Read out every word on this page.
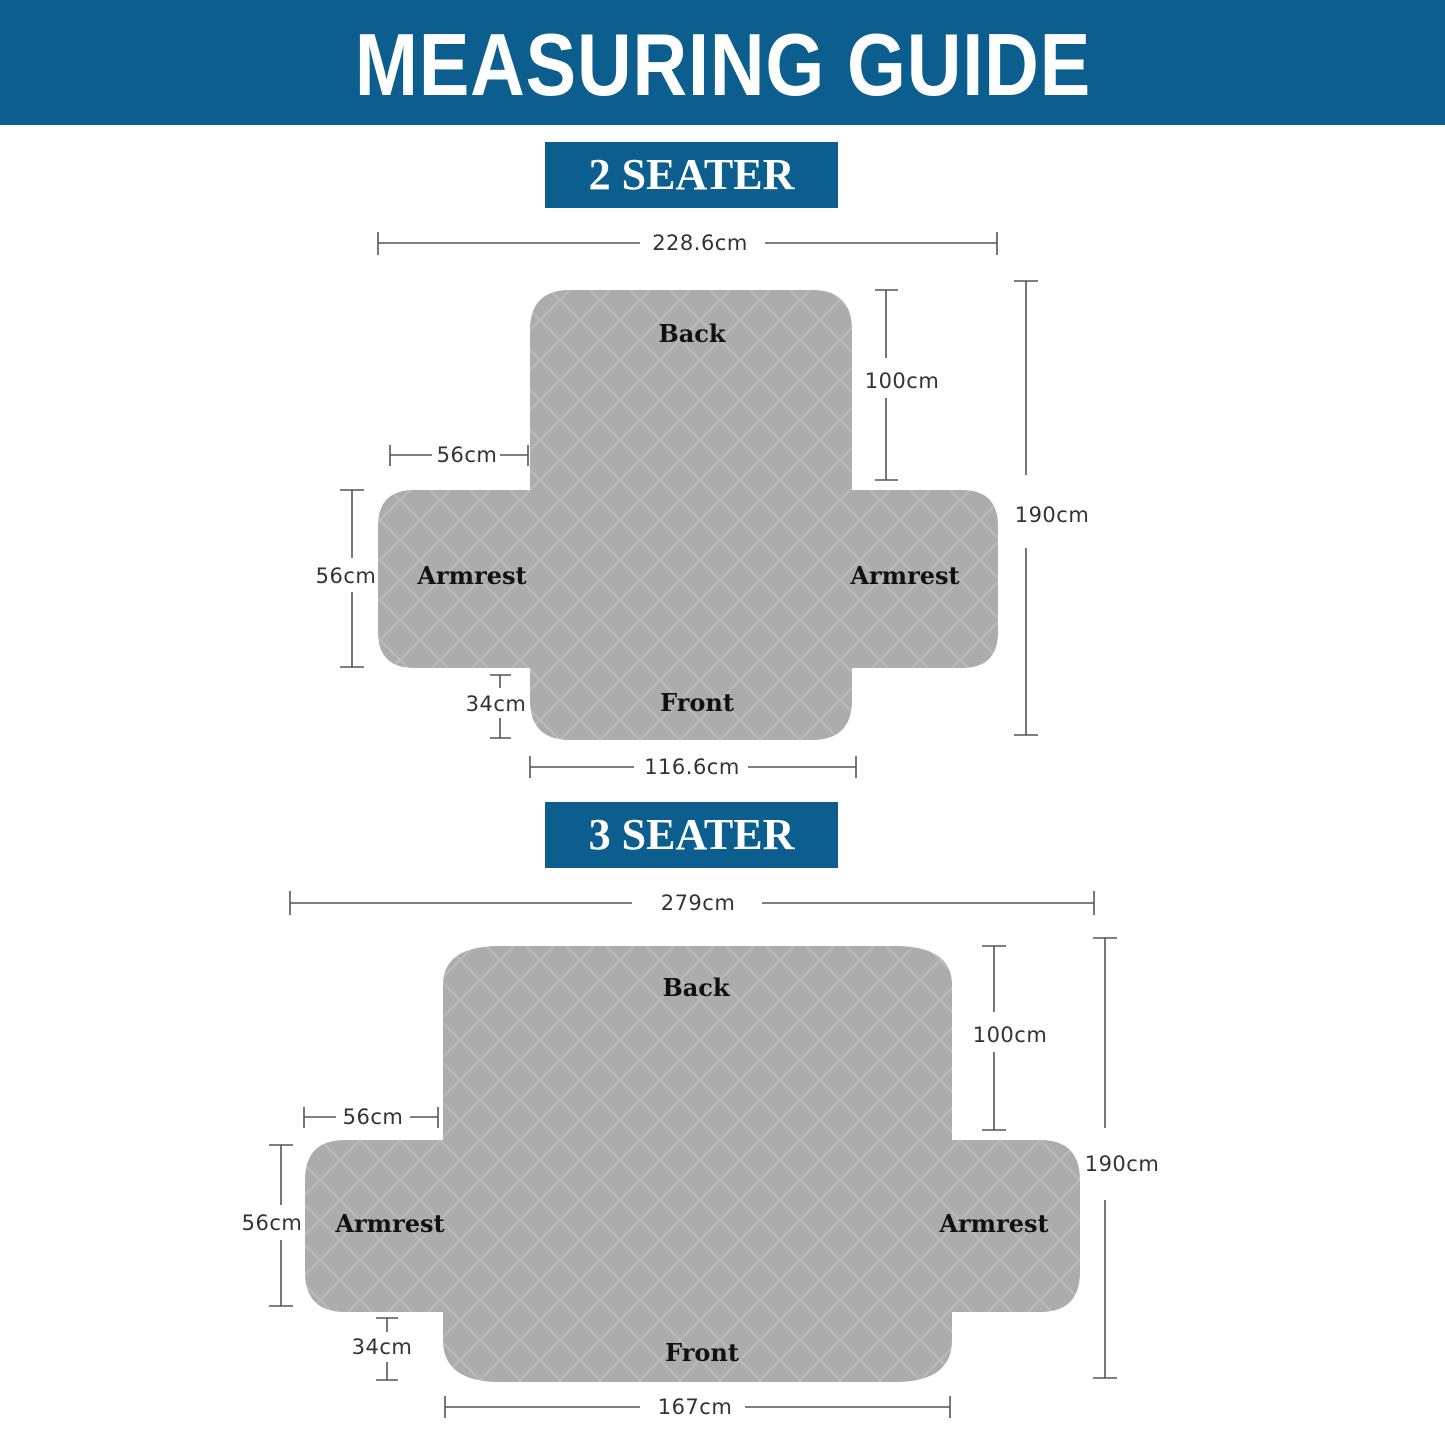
MEASURING GUIDE
2 SEATER
3 SEATER
228.6cm
100cm
190cm
56cm
56cm
34cm
116.6cm
Back
Armrest	Armrest
Front
279cm
100cm
190cm
56cm
56cm
34cm
167cm
Back
Armrest	Armrest
Front
